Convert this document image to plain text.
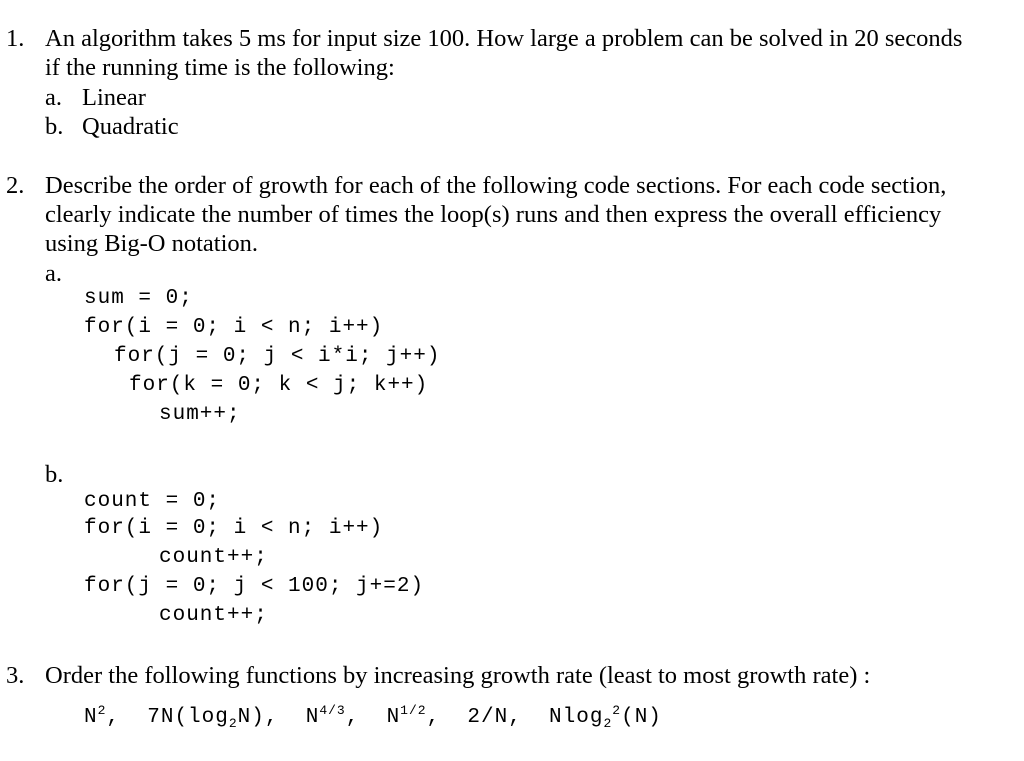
1. An algorithm takes 5 ms for input size 100. How large a problem can be solved in 20 seconds
if the running time is the following:
a. Linear
b. Quadratic
2. Describe the order of growth for each of the following code sections. For each code section,
clearly indicate the number of times the loop(s) runs and then express the overall efficiency
using Big-O notation.
a.
sum = 0;
for(i = 0; i < n; i++)
for(j = 0; j < i*i; j++)
for(k = 0; k < j; k++)
sum++;
b.
count = 0;
for(i = 0; i < n; i++)
count++;
for(j = 0; j < 100; j+=2)
count++;
3. Order the following functions by increasing growth rate (least to most growth rate) :
$N^2$,  $7N(\log_2N)$,  $N^{4/3}$,  $N^{1/2}$,  2/N,  Nlog$_2^2$(N)
